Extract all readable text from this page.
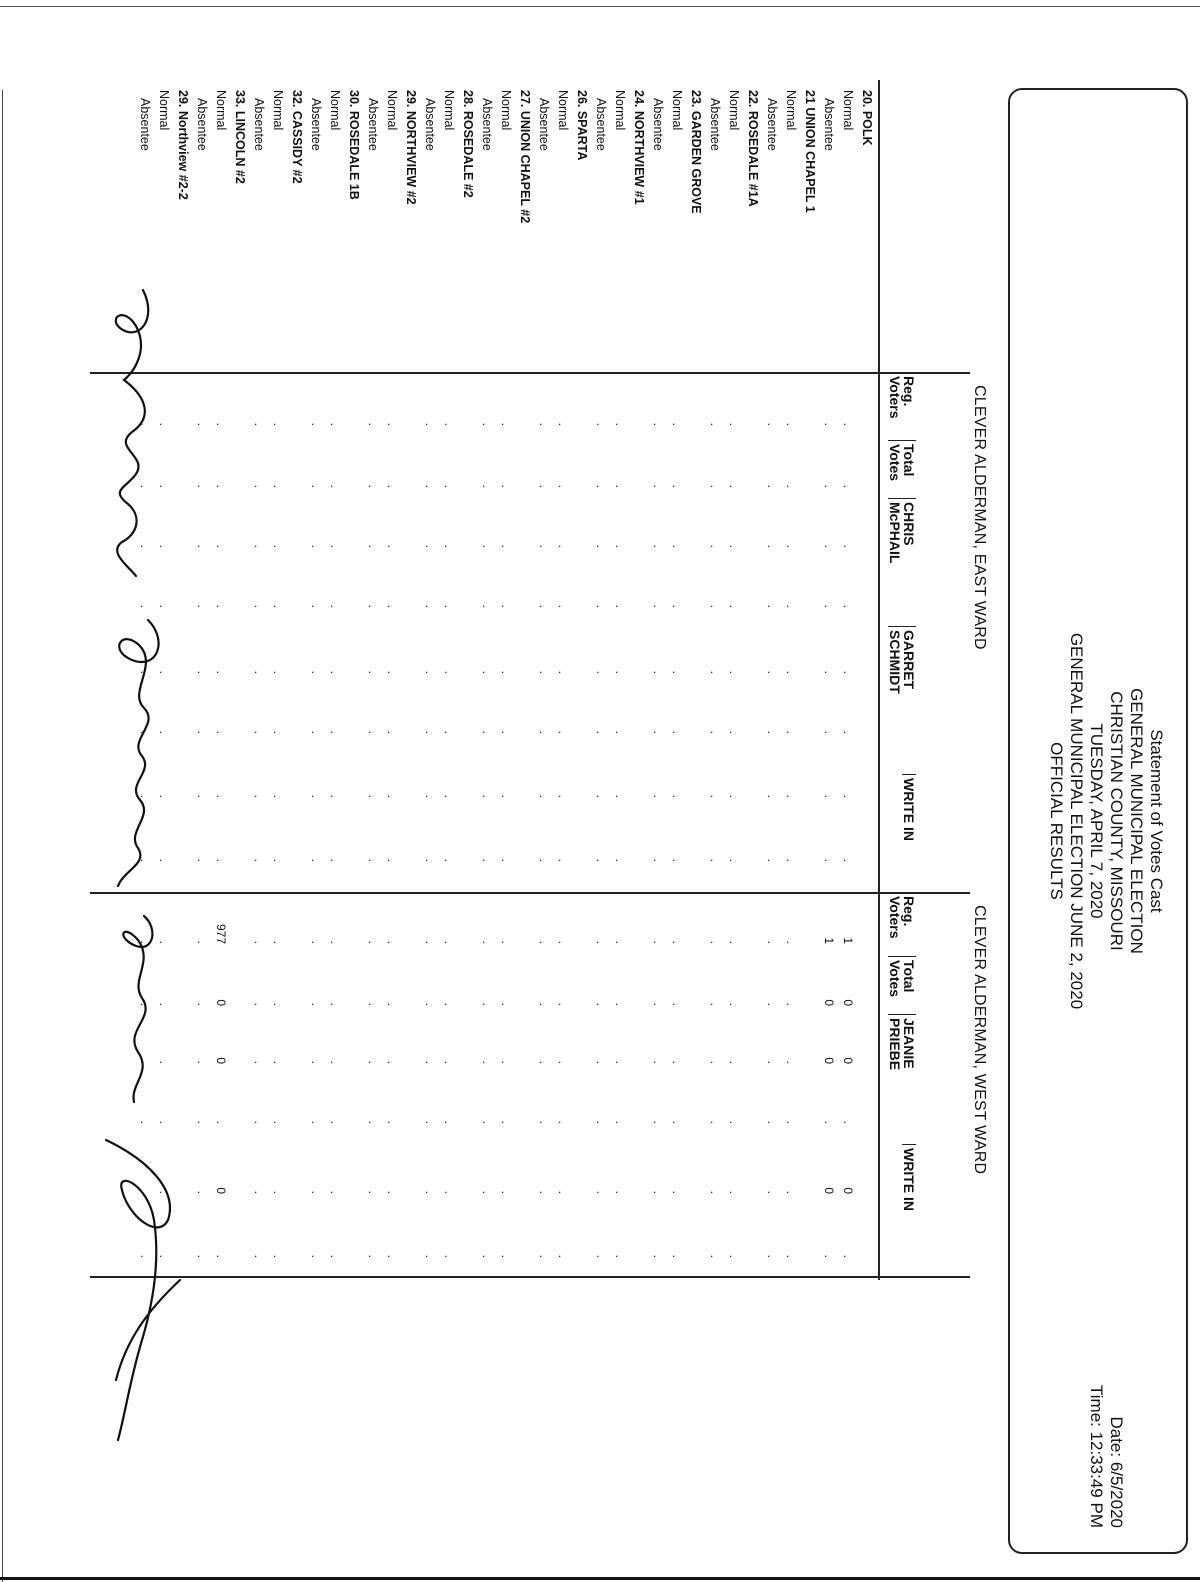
Statement of Votes Cast
GENERAL MUNICIPAL ELECTION
CHRISTIAN COUNTY, MISSOURI
TUESDAY, APRIL 7, 2020
GENERAL MUNICIPAL ELECTION JUNE 2, 2020
OFFICIAL RESULTS
Date: 6/5/2020
Time: 12:33:49 PM
CLEVER ALDERMAN, EAST WARD
CLEVER ALDERMAN, WEST WARD
Reg.
Voters
Total
Votes
CHRIS
McPHAIL
GARRET
SCHMIDT
WRITE IN
Reg.
Voters
Total
Votes
JEANIE
PRIEBE
WRITE IN
20. POLK
Normal
.
.
.
.
.
.
.
.
1
0
0
.
0
.
Absentee
.
.
.
.
.
.
.
.
1
0
0
.
0
.
21 UNION CHAPEL 1
Normal
.
.
.
.
.
.
.
.
.
.
.
.
.
.
Absentee
.
.
.
.
.
.
.
.
.
.
.
.
.
.
22. ROSEDALE #1A
Normal
.
.
.
.
.
.
.
.
.
.
.
.
.
.
Absentee
.
.
.
.
.
.
.
.
.
.
.
.
.
.
23. GARDEN GROVE
Normal
.
.
.
.
.
.
.
.
.
.
.
.
.
.
Absentee
.
.
.
.
.
.
.
.
.
.
.
.
.
.
24. NORTHVIEW #1
Normal
.
.
.
.
.
.
.
.
.
.
.
.
.
.
Absentee
.
.
.
.
.
.
.
.
.
.
.
.
.
.
26. SPARTA
Normal
.
.
.
.
.
.
.
.
.
.
.
.
.
.
Absentee
.
.
.
.
.
.
.
.
.
.
.
.
.
.
27. UNION CHAPEL #2
Normal
.
.
.
.
.
.
.
.
.
.
.
.
.
.
Absentee
.
.
.
.
.
.
.
.
.
.
.
.
.
.
28. ROSEDALE #2
Normal
.
.
.
.
.
.
.
.
.
.
.
.
.
.
Absentee
.
.
.
.
.
.
.
.
.
.
.
.
.
.
29. NORTHVIEW #2
Normal
.
.
.
.
.
.
.
.
.
.
.
.
.
.
Absentee
.
.
.
.
.
.
.
.
.
.
.
.
.
.
30. ROSEDALE 1B
Normal
.
.
.
.
.
.
.
.
.
.
.
.
.
.
Absentee
.
.
.
.
.
.
.
.
.
.
.
.
.
.
32. CASSIDY #2
Normal
.
.
.
.
.
.
.
.
.
.
.
.
.
.
Absentee
.
.
.
.
.
.
.
.
.
.
.
.
.
.
33. LINCOLN #2
Normal
.
.
.
.
.
.
.
.
977
0
0
.
0
.
Absentee
.
.
.
.
.
.
.
.
.
.
.
.
.
.
29. Northview #2-2
Normal
.
.
.
.
.
.
.
.
.
.
.
.
.
.
Absentee
.
.
.
.
.
.
.
.
.
.
.
.
.
.
